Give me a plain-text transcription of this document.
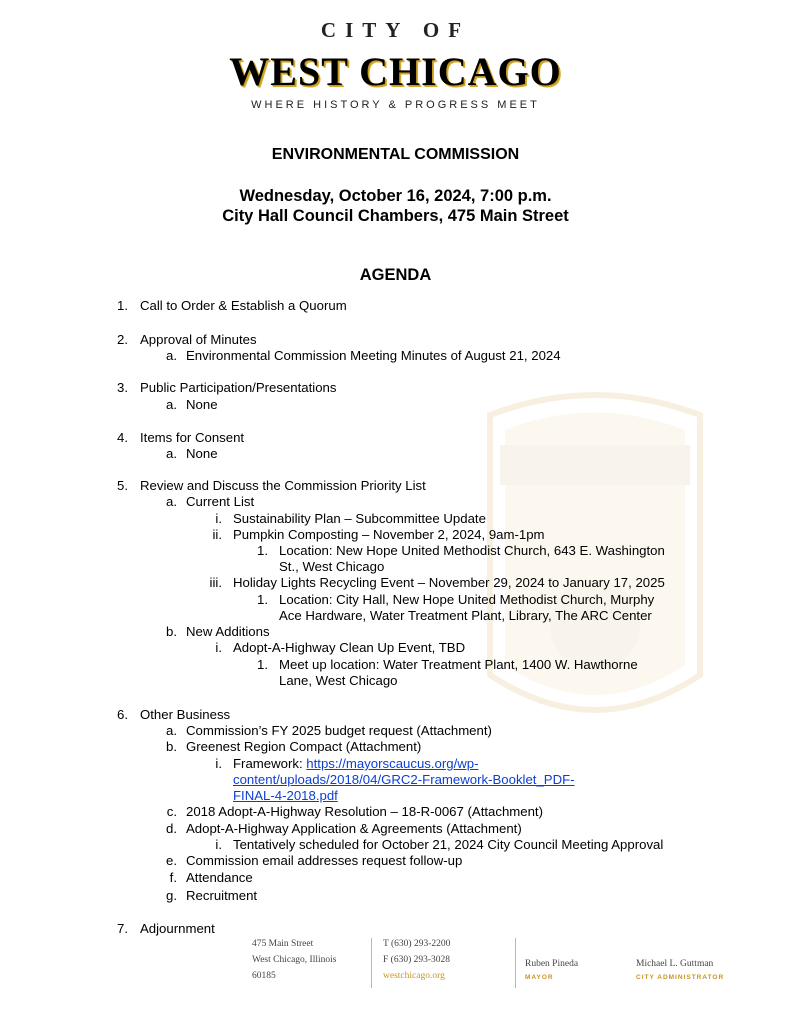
CITY OF
WEST CHICAGO
WHERE HISTORY & PROGRESS MEET
ENVIRONMENTAL COMMISSION
Wednesday, October 16, 2024, 7:00 p.m.
City Hall Council Chambers, 475 Main Street
AGENDA
1. Call to Order & Establish a Quorum
2. Approval of Minutes
a. Environmental Commission Meeting Minutes of August 21, 2024
3. Public Participation/Presentations
a. None
4. Items for Consent
a. None
5. Review and Discuss the Commission Priority List
a. Current List
i. Sustainability Plan – Subcommittee Update
ii. Pumpkin Composting – November 2, 2024, 9am-1pm
1. Location: New Hope United Methodist Church, 643 E. Washington
St., West Chicago
iii. Holiday Lights Recycling Event – November 29, 2024 to January 17, 2025
1. Location: City Hall, New Hope United Methodist Church, Murphy
Ace Hardware, Water Treatment Plant, Library, The ARC Center
b. New Additions
i. Adopt-A-Highway Clean Up Event, TBD
1. Meet up location: Water Treatment Plant, 1400 W. Hawthorne
Lane, West Chicago
6. Other Business
a. Commission’s FY 2025 budget request (Attachment)
b. Greenest Region Compact (Attachment)
i. Framework: https://mayorscaucus.org/wp-
content/uploads/2018/04/GRC2-Framework-Booklet_PDF-
FINAL-4-2018.pdf
c. 2018 Adopt-A-Highway Resolution – 18-R-0067 (Attachment)
d. Adopt-A-Highway Application & Agreements (Attachment)
i. Tentatively scheduled for October 21, 2024 City Council Meeting Approval
e. Commission email addresses request follow-up
f. Attendance
g. Recruitment
7. Adjournment
475 Main Street
West Chicago, Illinois
60185
T (630) 293-2200
F (630) 293-3028
westchicago.org
Ruben Pineda
MAYOR
Michael L. Guttman
CITY ADMINISTRATOR
